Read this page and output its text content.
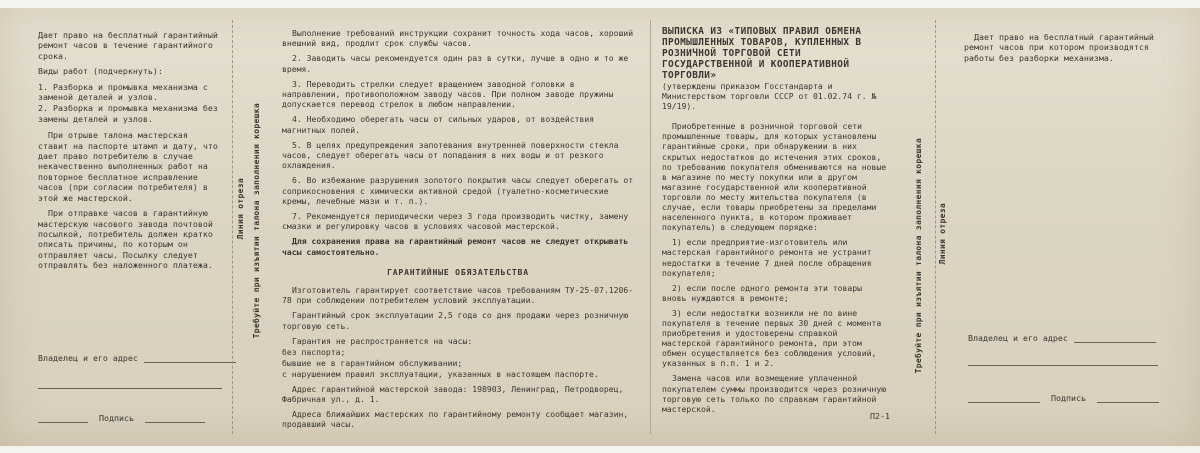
Дает право на бесплатный гарантийный ремонт часов в течение гарантийного срока.

Виды работ (подчеркнуть):

1. Разборка и промывка механизма с заменой деталей и узлов.

2. Разборка и промывка механизма без замены деталей и узлов.

При отрыве талона мастерская ставит на паспорте штамп и дату, что дает право потребителю в случае некачественно выполненных работ на повторное бесплатное исправление часов (при согласии потребителя) в этой же мастерской.

При отправке часов в гарантийную мастерскую часового завода почтовой посылкой, потребитель должен кратко описать причины, по которым он отправляет часы. Посылку следует отправлять без наложенного платежа.

Владелец и его адрес
Подпись
Линия отреза Требуйте при изъятии талона заполнения корешка

Выполнение требований инструкции сохранит точность хода часов, хороший внешний вид, продлит срок службы часов.

2. Заводить часы рекомендуется один раз в сутки, лучше в одно и то же время.

3. Переводить стрелки следует вращением заводной головки в направлении, противоположном заводу часов. При полном заводе пружины допускается перевод стрелок в любом направлении.

4. Необходимо оберегать часы от сильных ударов, от воздействия магнитных полей.

5. В целях предупреждения запотевания внутренней поверхности стекла часов, следует оберегать часы от попадания в них воды и от резкого охлаждения.

6. Во избежание разрушения золотого покрытия часы следует оберегать от соприкосновения с химически активной средой (туалетно-косметические кремы, лечебные мази и т. п.).

7. Рекомендуется периодически через 3 года производить чистку, замену смазки и регулировку часов в условиях часовой мастерской.

Для сохранения права на гарантийный ремонт часов не следует открывать часы самостоятельно.

ГАРАНТИЙНЫЕ ОБЯЗАТЕЛЬСТВА

Изготовитель гарантирует соответствие часов требованиям ТУ-25-07.1206-78 при соблюдении потребителем условий эксплуатации.

Гарантийный срок эксплуатации 2,5 года со дня продажи через розничную торговую сеть.

Гарантия не распространяется на часы:

без паспорта;

бывшие не в гарантийном обслуживании;

с нарушением правил эксплуатации, указанных в настоящем паспорте.

Адрес гарантийной мастерской завода: 198903, Ленинград, Петродворец, Фабричная ул., д. 1.

Адреса ближайших мастерских по гарантийному ремонту сообщает магазин, продавший часы.

ВЫПИСКА ИЗ «ТИПОВЫХ ПРАВИЛ ОБМЕНА ПРОМЫШЛЕННЫХ ТОВАРОВ, КУПЛЕННЫХ В РОЗНИЧНОЙ ТОРГОВОЙ СЕТИ ГОСУДАРСТВЕННОЙ И КООПЕРАТИВНОЙ ТОРГОВЛИ»

(утверждены приказом Госстандарта и Министерством торговли СССР от 01.02.74 г. № 19/19).

Приобретенные в розничной торговой сети промышленные товары, для которых установлены гарантийные сроки, при обнаружении в них скрытых недостатков до истечения этих сроков, по требованию покупателя обмениваются на новые в магазине по месту покупки или в другом магазине государственной или кооперативной торговли по месту жительства покупателя (в случае, если товары приобретены за пределами населенного пункта, в котором проживает покупатель) в следующем порядке:

1) если предприятие-изготовитель или мастерская гарантийного ремонта не устранит недостатки в течение 7 дней после обращения покупателя;

2) если после одного ремонта эти товары вновь нуждаются в ремонте;

3) если недостатки возникли не по вине покупателя в течение первых 30 дней с момента приобретения и удостоверены справкой мастерской гарантийного ремонта, при этом обмен осуществляется без соблюдения условий, указанных в п.п. 1 и 2.

Замена часов или возмещение уплаченной покупателем суммы производится через розничную торговую сеть только по справкам гарантийной мастерской.

П2-1
Требуйте при изъятии талона заполнения корешка Линия отреза

Дает право на бесплатный гарантийный ремонт часов при котором производятся работы без разборки механизма.

Владелец и его адрес
Подпись
